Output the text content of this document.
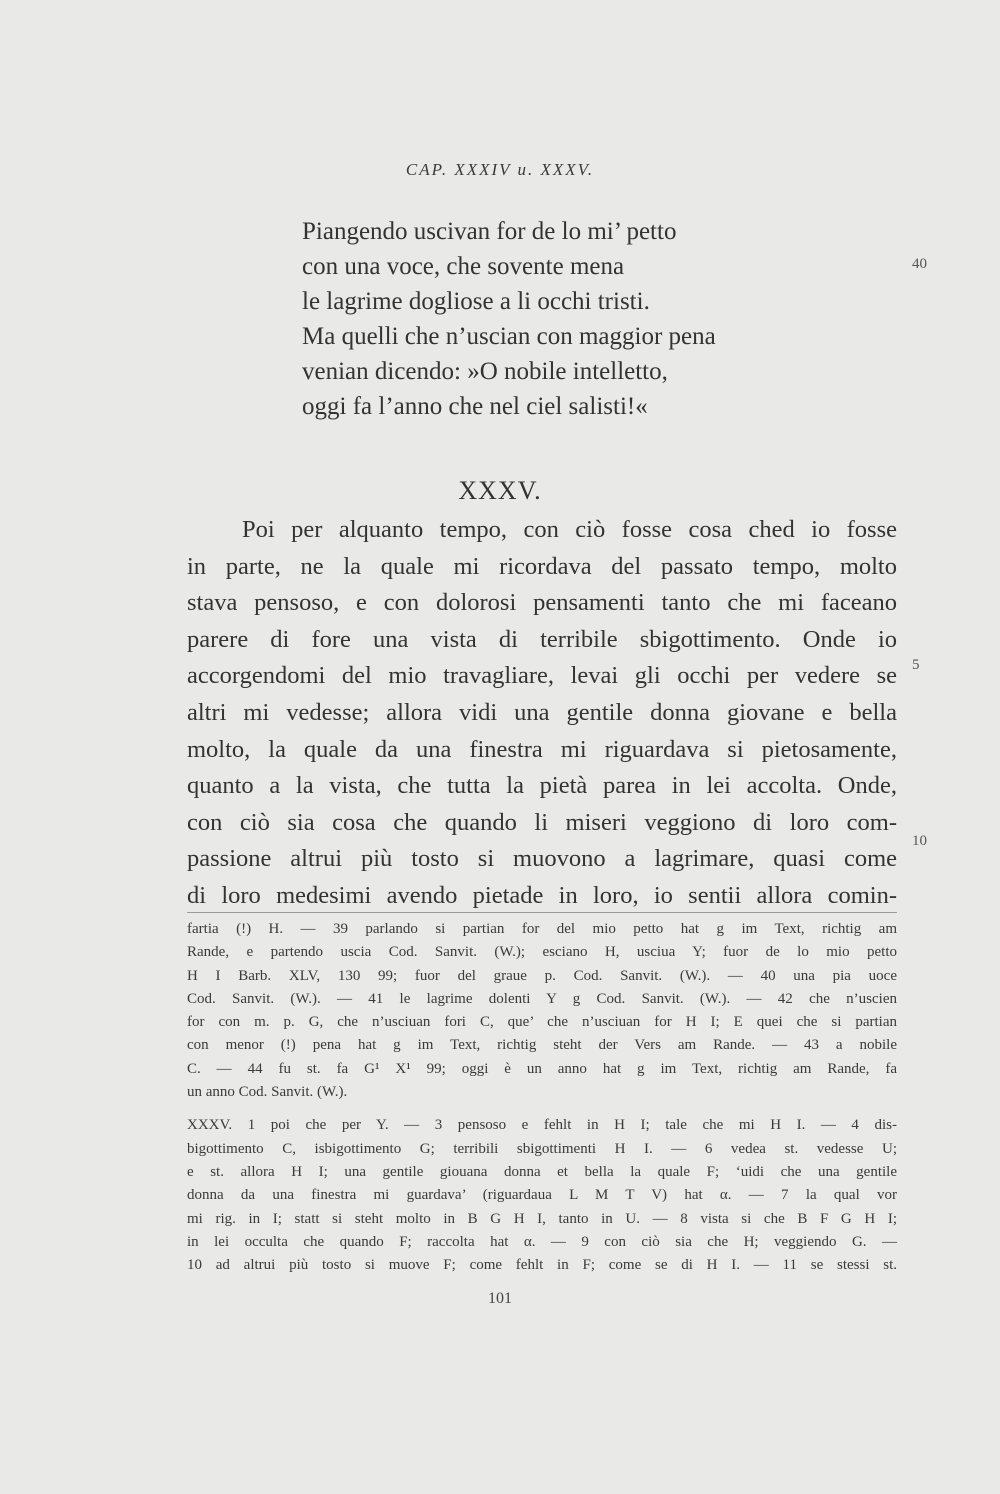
CAP. XXXIV u. XXXV.
Piangendo uscivan for de lo mi’ petto
con una voce, che sovente mena
le lagrime dogliose a li occhi tristi.
Ma quelli che n’uscian con maggior pena
venian dicendo: »O nobile intelletto,
oggi fa l’anno che nel ciel salisti!«
40
XXXV.
Poi per alquanto tempo, con ciò fosse cosa ched io fosse
in parte, ne la quale mi ricordava del passato tempo, molto
stava pensoso, e con dolorosi pensamenti tanto che mi faceano
parere di fore una vista di terribile sbigottimento. Onde io
accorgendomi del mio travagliare, levai gli occhi per vedere se
altri mi vedesse; allora vidi una gentile donna giovane e bella
molto, la quale da una finestra mi riguardava si pietosamente,
quanto a la vista, che tutta la pietà parea in lei accolta. Onde,
con ciò sia cosa che quando li miseri veggiono di loro com-
passione altrui più tosto si muovono a lagrimare, quasi come
di loro medesimi avendo pietade in loro, io sentii allora comin-
5
10
fartia (!) H. — 39 parlando si partian for del mio petto hat g im Text, richtig am
Rande, e partendo uscia Cod. Sanvit. (W.); esciano H, usciua Y; fuor de lo mio petto
H I Barb. XLV, 130 99; fuor del graue p. Cod. Sanvit. (W.). — 40 una pia uoce
Cod. Sanvit. (W.). — 41 le lagrime dolenti Y g Cod. Sanvit. (W.). — 42 che n’uscien
for con m. p. G, che n’usciuan fori C, que’ che n’usciuan for H I; E quei che si partian
con menor (!) pena hat g im Text, richtig steht der Vers am Rande. — 43 a nobile
C. — 44 fu st. fa G¹ X¹ 99; oggi è un anno hat g im Text, richtig am Rande, fa
un anno Cod. Sanvit. (W.).
XXXV. 1 poi che per Y. — 3 pensoso e fehlt in H I; tale che mi H I. — 4 dis-
bigottimento C, isbigottimento G; terribili sbigottimenti H I. — 6 vedea st. vedesse U;
e st. allora H I; una gentile giouana donna et bella la quale F; ‘uidi che una gentile
donna da una finestra mi guardava’ (riguardaua L M T V) hat α. — 7 la qual vor
mi rig. in I; statt si steht molto in B G H I, tanto in U. — 8 vista si che B F G H I;
in lei occulta che quando F; raccolta hat α. — 9 con ciò sia che H; veggiendo G. —
10 ad altrui più tosto si muove F; come fehlt in F; come se di H I. — 11 se stessi st.
101
